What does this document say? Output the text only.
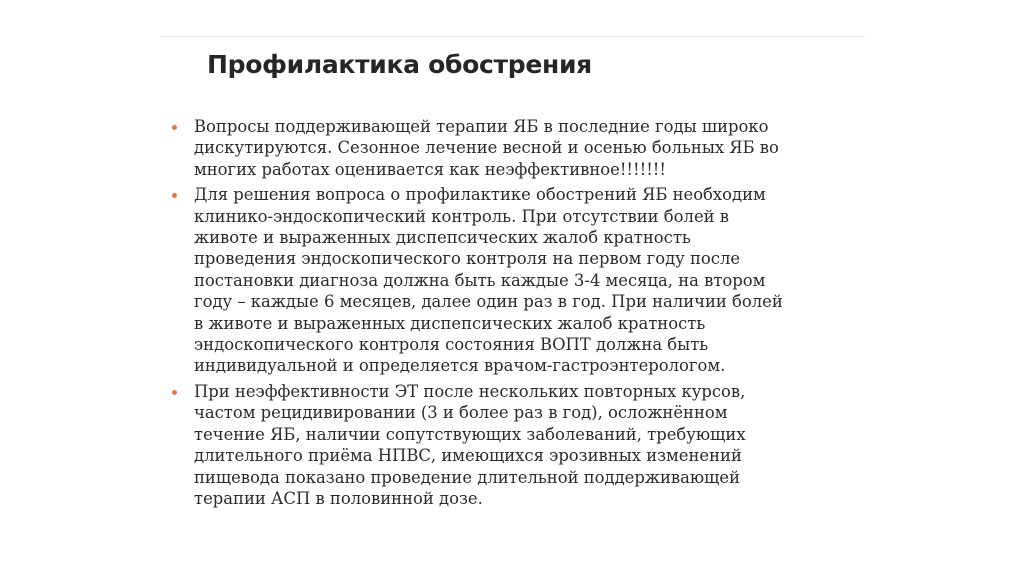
Профилактика обострения
Вопросы поддерживающей терапии ЯБ в последние годы широко
дискутируются. Сезонное лечение весной и осенью больных ЯБ во
многих работах оценивается как неэффективное!!!!!!!
Для решения вопроса о профилактике обострений ЯБ необходим
клинико-эндоскопический контроль. При отсутствии болей в
животе и выраженных диспепсических жалоб кратность
проведения эндоскопического контроля на первом году после
постановки диагноза должна быть каждые 3-4 месяца, на втором
году – каждые 6 месяцев, далее один раз в год. При наличии болей
в животе и выраженных диспепсических жалоб кратность
эндоскопического контроля состояния ВОПТ должна быть
индивидуальной и определяется врачом-гастроэнтерологом.
При неэффективности ЭТ после нескольких повторных курсов,
частом рецидивировании (3 и более раз в год), осложнённом
течение ЯБ, наличии сопутствующих заболеваний, требующих
длительного приёма НПВС, имеющихся эрозивных изменений
пищевода показано проведение длительной поддерживающей
терапии АСП в половинной дозе.
